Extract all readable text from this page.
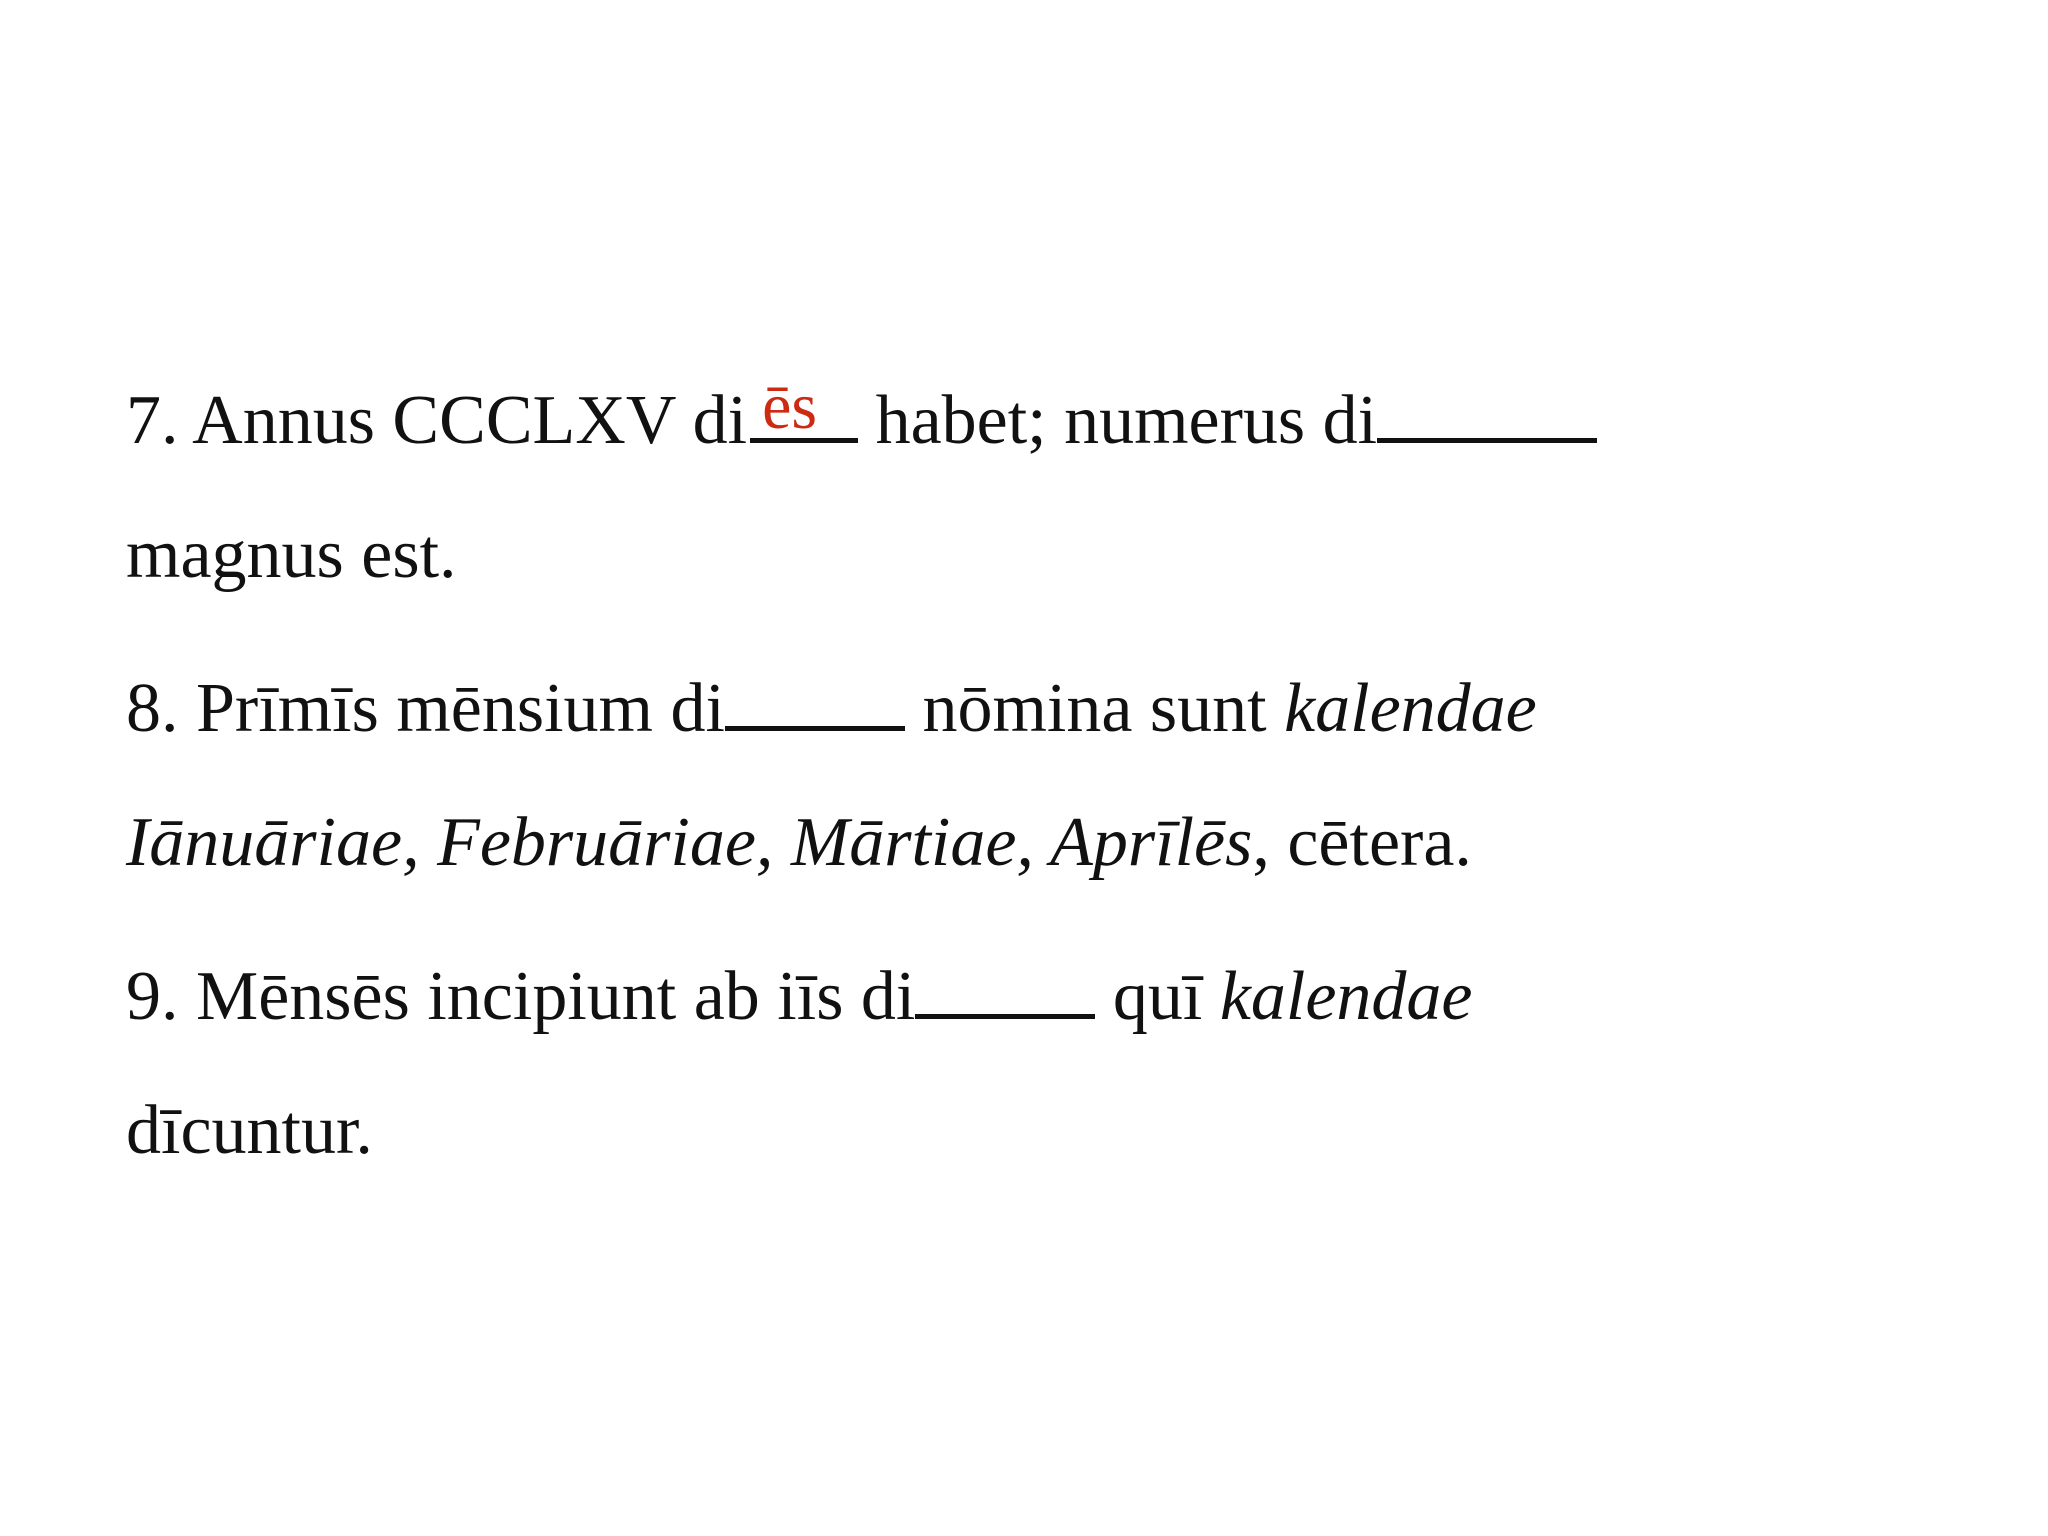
7. Annus CCCLXV di ēs habet; numerus di
magnus est.
8. Prīmīs mēnsium di	nōmina sunt kalendae
Iānuāriae, Februāriae, Mārtiae, Aprīlēs, cētera.
9. Mēnsēs incipiunt ab iīs di	quī kalendae
dīcuntur.
